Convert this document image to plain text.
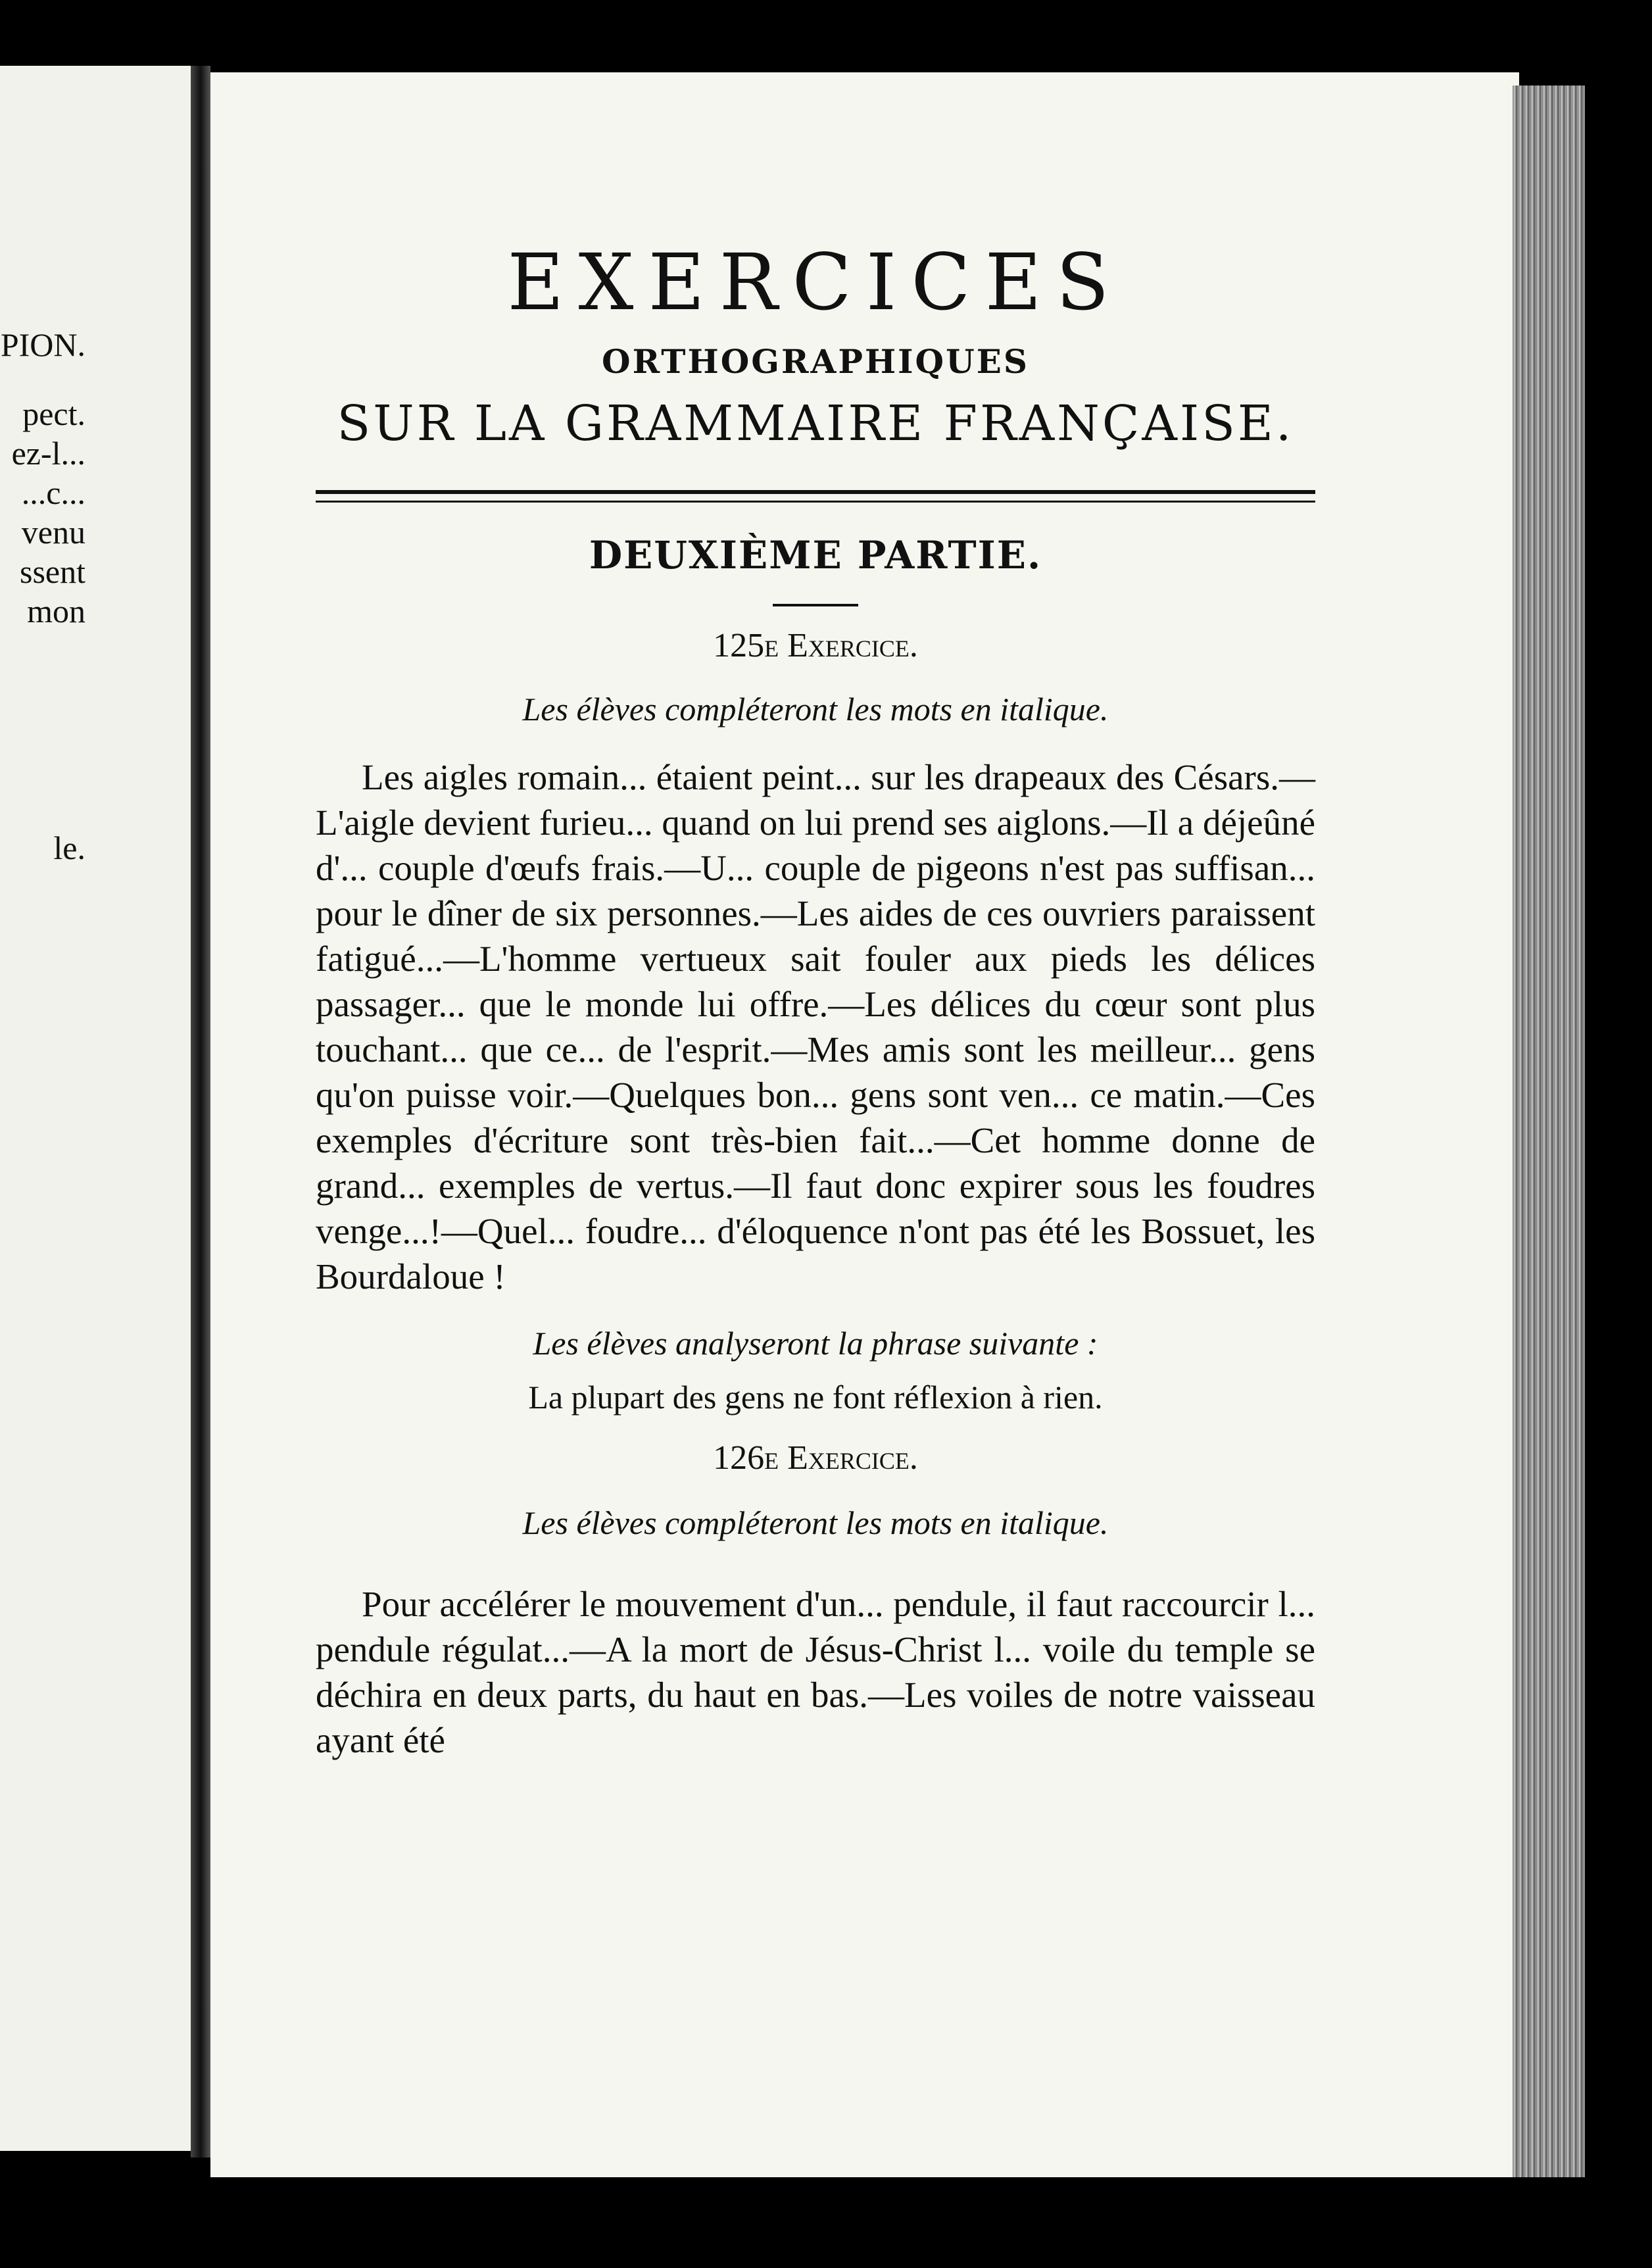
PION.
pect.
ez-l...
...c...
venu
ssent
mon
le.
EXERCICES
ORTHOGRAPHIQUES
SUR LA GRAMMAIRE FRANÇAISE.
DEUXIÈME PARTIE.
125e Exercice.
Les élèves compléteront les mots en italique.
Les aigles romain... étaient peint... sur les drapeaux des Césars.—L'aigle devient furieu... quand on lui prend ses aiglons.—Il a déjeûné d'... couple d'œufs frais.—U... couple de pigeons n'est pas suffisan... pour le dîner de six personnes.—Les aides de ces ouvriers paraissent fatigué...—L'homme vertueux sait fouler aux pieds les délices passager... que le monde lui offre.—Les délices du cœur sont plus touchant... que ce... de l'esprit.—Mes amis sont les meilleur... gens qu'on puisse voir.—Quelques bon... gens sont ven... ce matin.—Ces exemples d'écriture sont très-bien fait...—Cet homme donne de grand... exemples de vertus.—Il faut donc expirer sous les foudres venge...!—Quel... foudre... d'éloquence n'ont pas été les Bossuet, les Bourdaloue !
Les élèves analyseront la phrase suivante :
La plupart des gens ne font réflexion à rien.
126e Exercice.
Les élèves compléteront les mots en italique.
Pour accélérer le mouvement d'un... pendule, il faut raccourcir l... pendule régulat...—A la mort de Jésus-Christ l... voile du temple se déchira en deux parts, du haut en bas.—Les voiles de notre vaisseau ayant été
